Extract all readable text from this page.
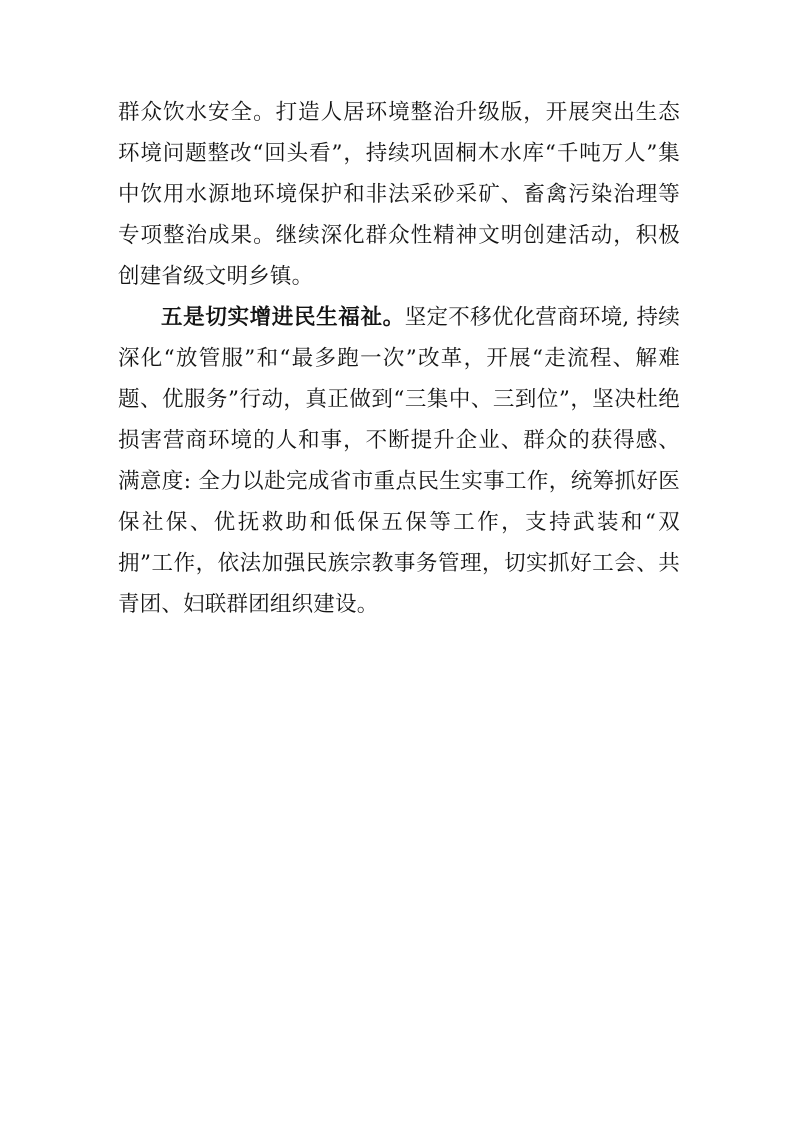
群众饮水安全。打造人居环境整治升级版，开展突出生态环境问题整改“回头看”，持续巩固桐木水库“千吨万人”集中饮用水源地环境保护和非法采砂采矿、畜禽污染治理等专项整治成果。继续深化群众性精神文明创建活动，积极创建省级文明乡镇。

五是切实增进民生福祉。坚定不移优化营商环境, 持续深化“放管服”和“最多跑一次”改革，开展“走流程、解难题、优服务”行动，真正做到“三集中、三到位”，坚决杜绝损害营商环境的人和事，不断提升企业、群众的获得感、满意度: 全力以赴完成省市重点民生实事工作，统筹抓好医保社保、优抚救助和低保五保等工作，支持武装和“双拥”工作，依法加强民族宗教事务管理，切实抓好工会、共青团、妇联群团组织建设。
